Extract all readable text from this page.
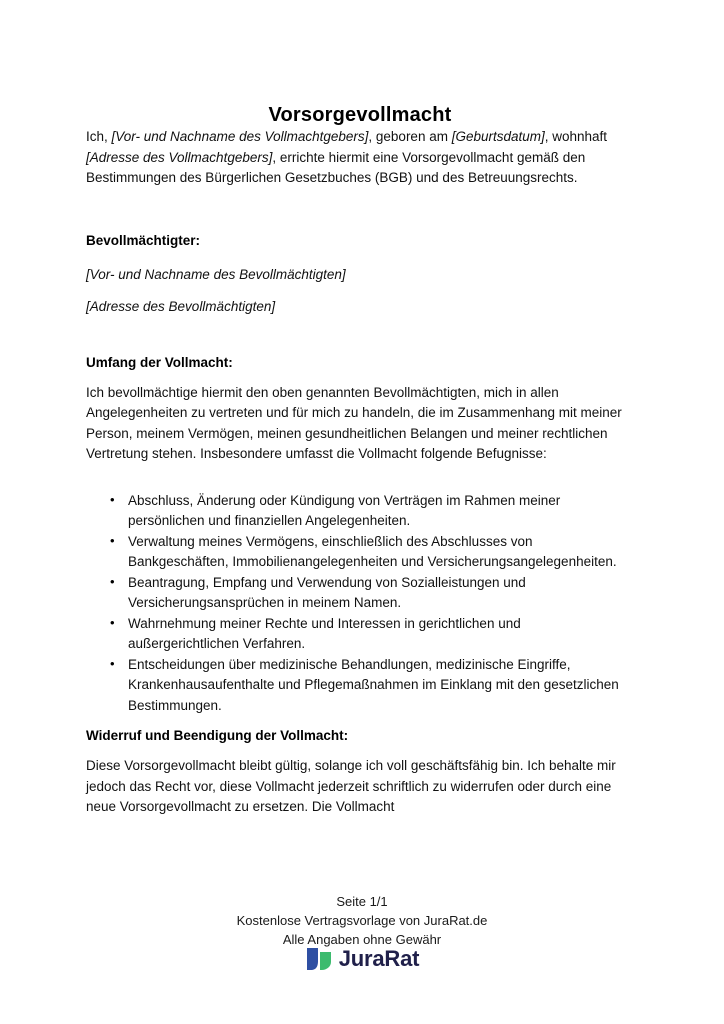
Vorsorgevollmacht

Ich, [Vor- und Nachname des Vollmachtgebers], geboren am [Geburtsdatum], wohnhaft [Adresse des Vollmachtgebers], errichte hiermit eine Vorsorgevollmacht gemäß den Bestimmungen des Bürgerlichen Gesetzbuches (BGB) und des Betreuungsrechts.

Bevollmächtigter:

[Vor- und Nachname des Bevollmächtigten]

[Adresse des Bevollmächtigten]

Umfang der Vollmacht:

Ich bevollmächtige hiermit den oben genannten Bevollmächtigten, mich in allen Angelegenheiten zu vertreten und für mich zu handeln, die im Zusammenhang mit meiner Person, meinem Vermögen, meinen gesundheitlichen Belangen und meiner rechtlichen Vertretung stehen. Insbesondere umfasst die Vollmacht folgende Befugnisse:

• Abschluss, Änderung oder Kündigung von Verträgen im Rahmen meiner persönlichen und finanziellen Angelegenheiten.
• Verwaltung meines Vermögens, einschließlich des Abschlusses von Bankgeschäften, Immobilienangelegenheiten und Versicherungsangelegenheiten.
• Beantragung, Empfang und Verwendung von Sozialleistungen und Versicherungsansprüchen in meinem Namen.
• Wahrnehmung meiner Rechte und Interessen in gerichtlichen und außergerichtlichen Verfahren.
• Entscheidungen über medizinische Behandlungen, medizinische Eingriffe, Krankenhausaufenthalte und Pflegemaßnahmen im Einklang mit den gesetzlichen Bestimmungen.
Widerruf und Beendigung der Vollmacht:

Diese Vorsorgevollmacht bleibt gültig, solange ich voll geschäftsfähig bin. Ich behalte mir jedoch das Recht vor, diese Vollmacht jederzeit schriftlich zu widerrufen oder durch eine neue Vorsorgevollmacht zu ersetzen. Die Vollmacht

Seite 1/1
Kostenlose Vertragsvorlage von JuraRat.de
Alle Angaben ohne Gewähr
JuraRat
